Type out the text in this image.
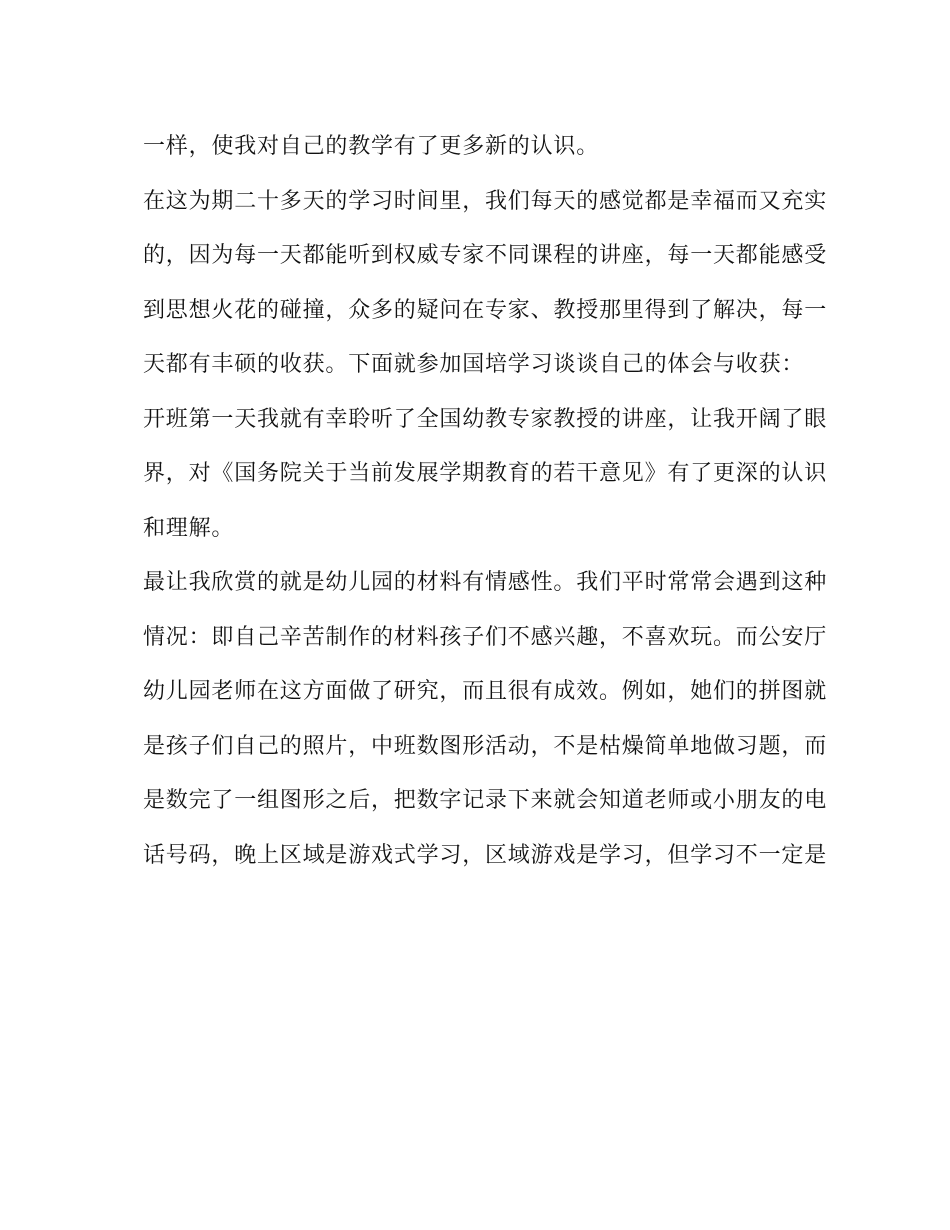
一样，使我对自己的教学有了更多新的认识。
在这为期二十多天的学习时间里，我们每天的感觉都是幸福而又充实
的，因为每一天都能听到权威专家不同课程的讲座，每一天都能感受
到思想火花的碰撞，众多的疑问在专家、教授那里得到了解决，每一
天都有丰硕的收获。下面就参加国培学习谈谈自己的体会与收获：
开班第一天我就有幸聆听了全国幼教专家教授的讲座，让我开阔了眼
界，对《国务院关于当前发展学期教育的若干意见》有了更深的认识
和理解。
最让我欣赏的就是幼儿园的材料有情感性。我们平时常常会遇到这种
情况：即自己辛苦制作的材料孩子们不感兴趣，不喜欢玩。而公安厅
幼儿园老师在这方面做了研究，而且很有成效。例如，她们的拼图就
是孩子们自己的照片，中班数图形活动，不是枯燥简单地做习题，而
是数完了一组图形之后，把数字记录下来就会知道老师或小朋友的电
话号码，晚上区域是游戏式学习，区域游戏是学习，但学习不一定是
